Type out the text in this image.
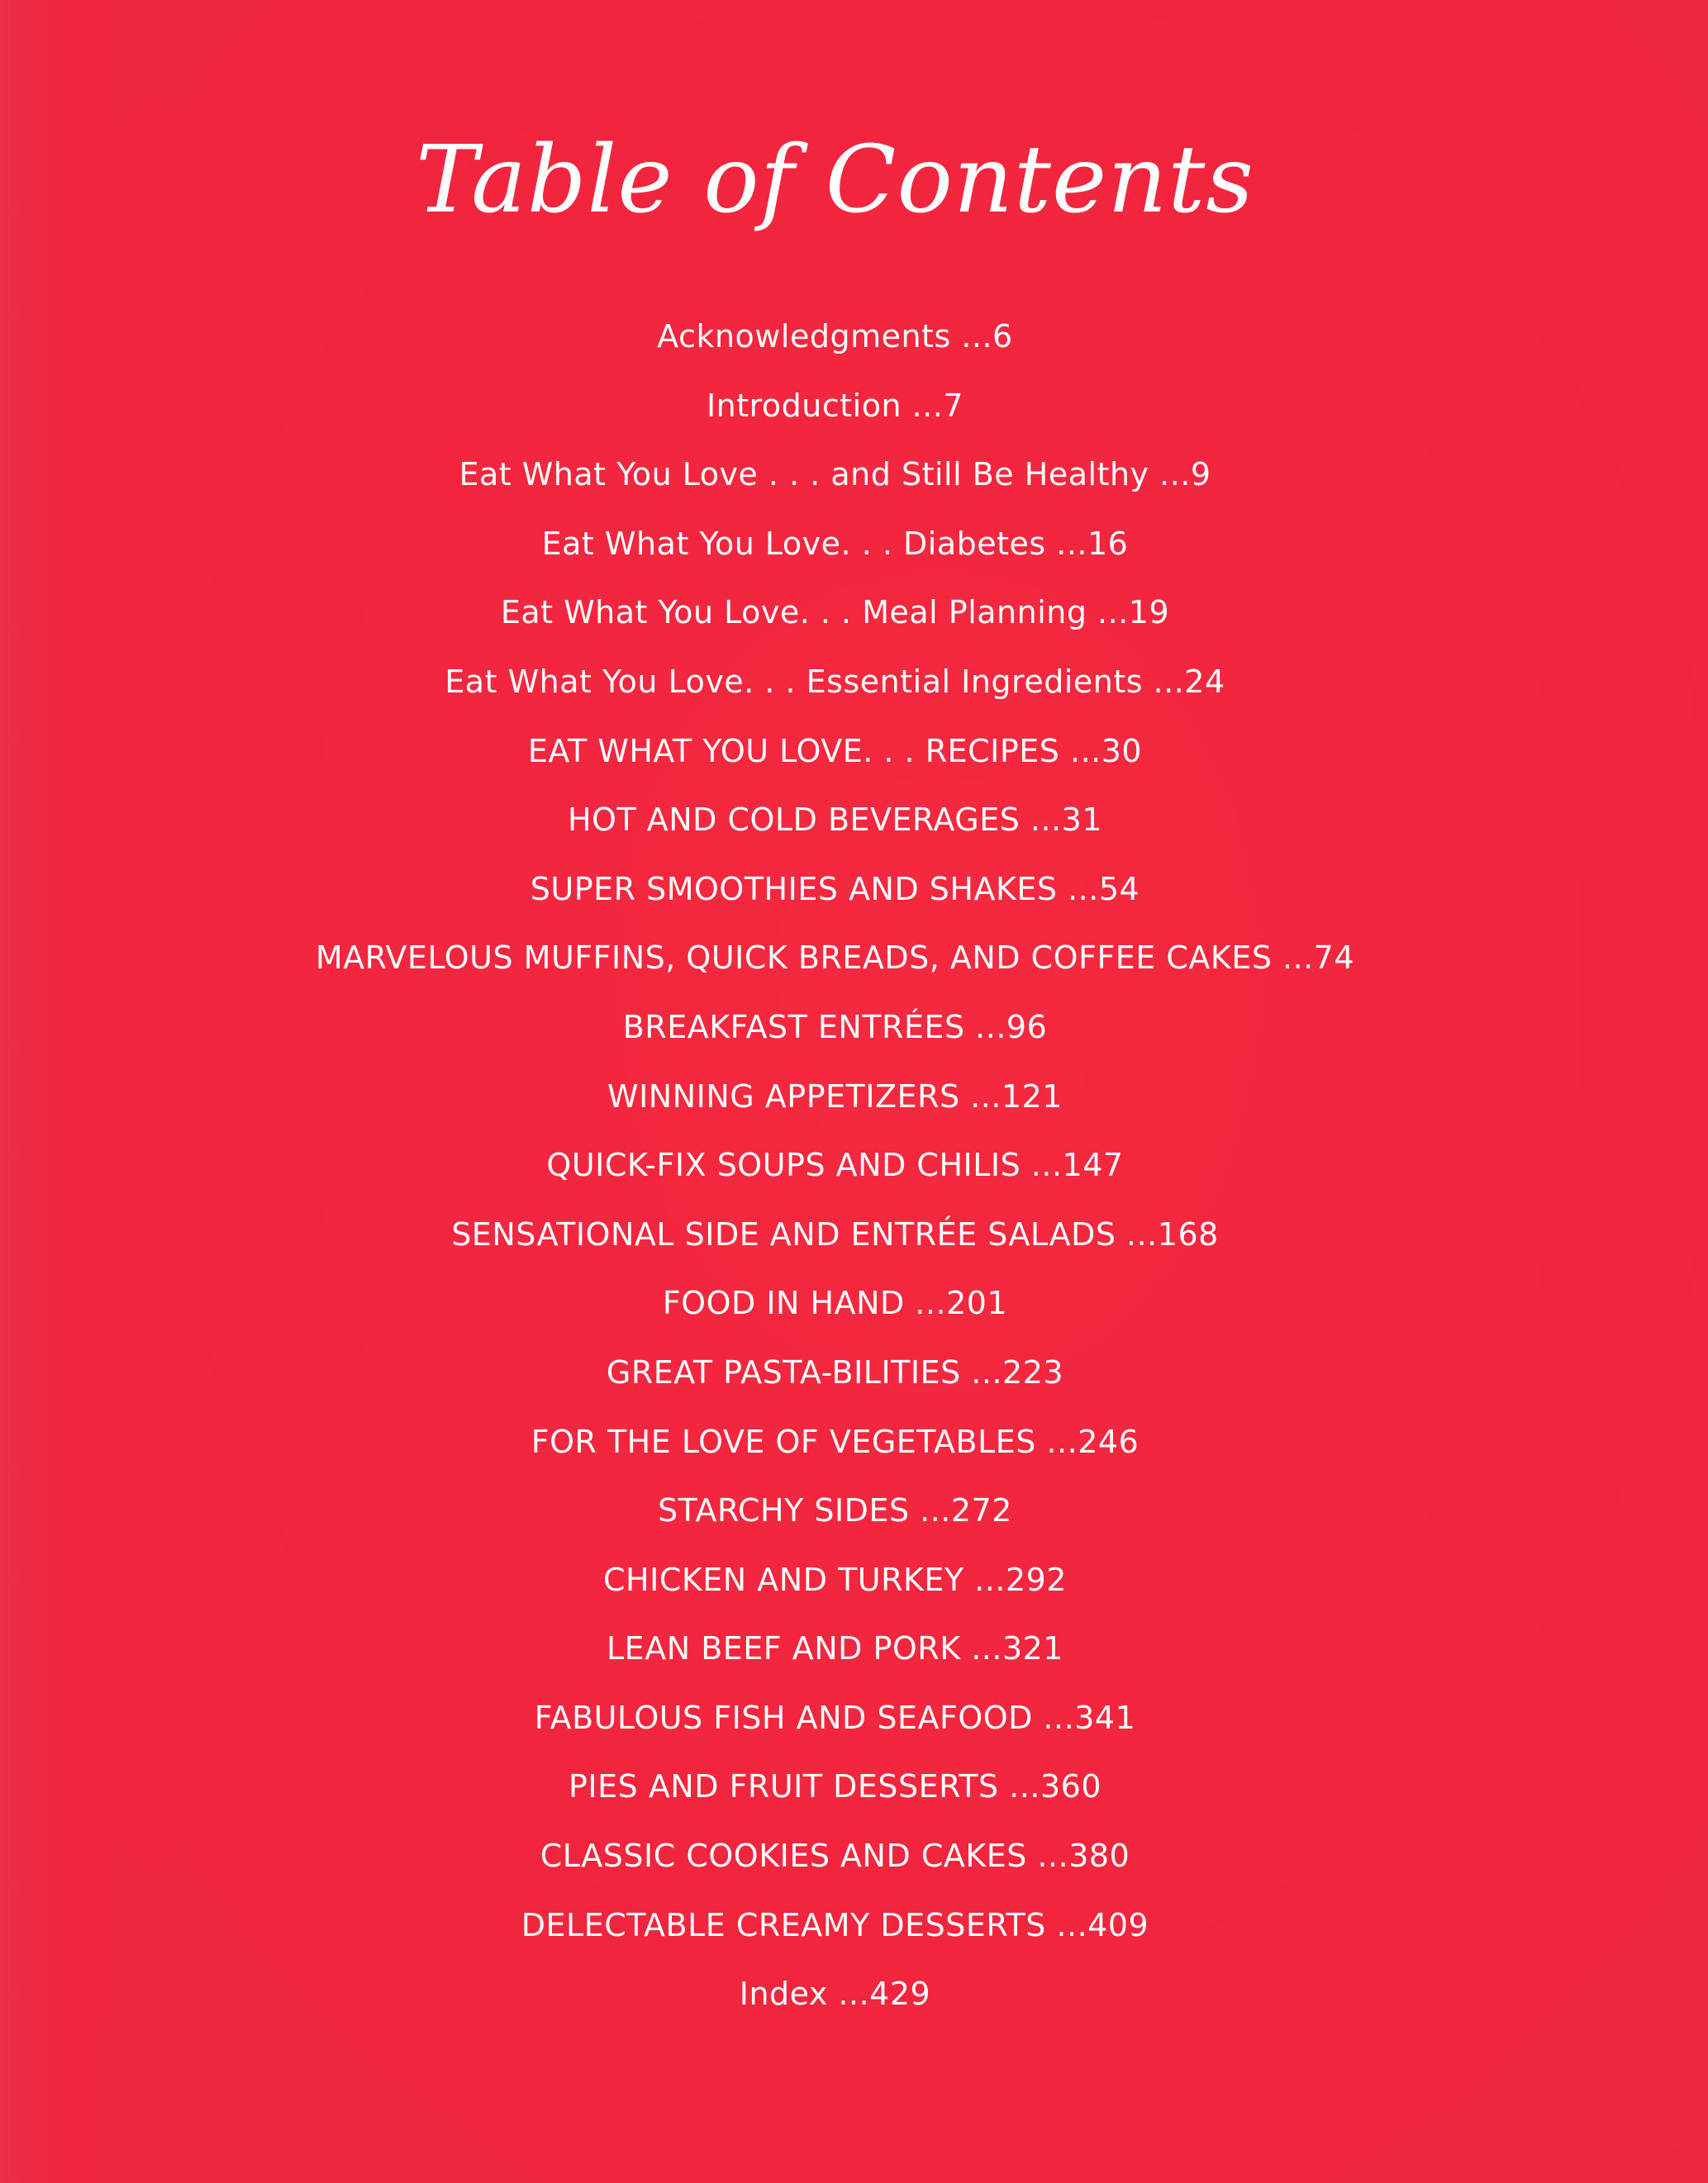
Table of Contents
Acknowledgments ...6
Introduction ...7
Eat What You Love . . . and Still Be Healthy ...9
Eat What You Love. . . Diabetes ...16
Eat What You Love. . . Meal Planning ...19
Eat What You Love. . . Essential Ingredients ...24
EAT WHAT YOU LOVE. . . RECIPES ...30
HOT AND COLD BEVERAGES ...31
SUPER SMOOTHIES AND SHAKES ...54
MARVELOUS MUFFINS, QUICK BREADS, AND COFFEE CAKES ...74
BREAKFAST ENTRÉES ...96
WINNING APPETIZERS ...121
QUICK-FIX SOUPS AND CHILIS ...147
SENSATIONAL SIDE AND ENTRÉE SALADS ...168
FOOD IN HAND ...201
GREAT PASTA-BILITIES ...223
FOR THE LOVE OF VEGETABLES ...246
STARCHY SIDES ...272
CHICKEN AND TURKEY ...292
LEAN BEEF AND PORK ...321
FABULOUS FISH AND SEAFOOD ...341
PIES AND FRUIT DESSERTS ...360
CLASSIC COOKIES AND CAKES ...380
DELECTABLE CREAMY DESSERTS ...409
Index ...429
